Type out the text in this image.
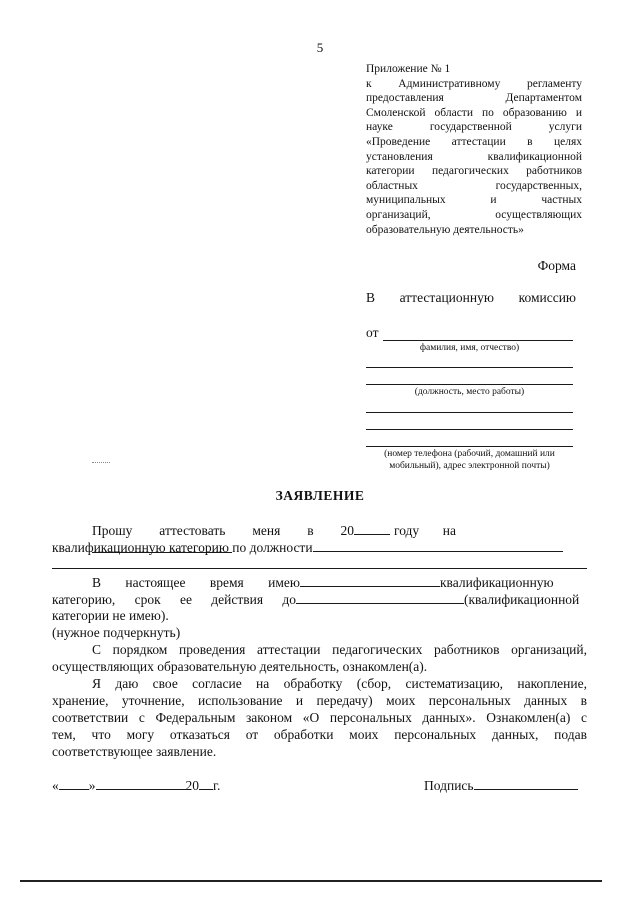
5
Приложение № 1
к Административному регламенту
предоставления Департаментом
Смоленской области по образованию и
науке государственной услуги
«Проведение аттестации в целях
установления квалификационной
категории педагогических работников
областных государственных,
муниципальных и частных
организаций, осуществляющих
образовательную деятельность»
Форма
В аттестационную комиссию
от
фамилия, имя, отчество)
(должность, место работы)
(номер телефона (рабочий, домашний или
мобильный), адрес электронной почты)
ЗАЯВЛЕНИЕ
Прошу аттестовать меня в 20	году на
квалификационную категорию по должности
В настоящее время имею	квалификационную
категорию, срок ее действия до	(квалификационной
категории не имею).
(нужное подчеркнуть)
С порядком проведения аттестации педагогических работников организаций,
осуществляющих образовательную деятельность, ознакомлен(а).
Я даю свое согласие на обработку (сбор, систематизацию, накопление,
хранение, уточнение, использование и передачу) моих персональных данных в
соответствии с Федеральным законом «О персональных данных». Ознакомлен(а) с
тем, что могу отказаться от обработки моих персональных данных, подав
соответствующее заявление.
« »	20 г.	Подпись
